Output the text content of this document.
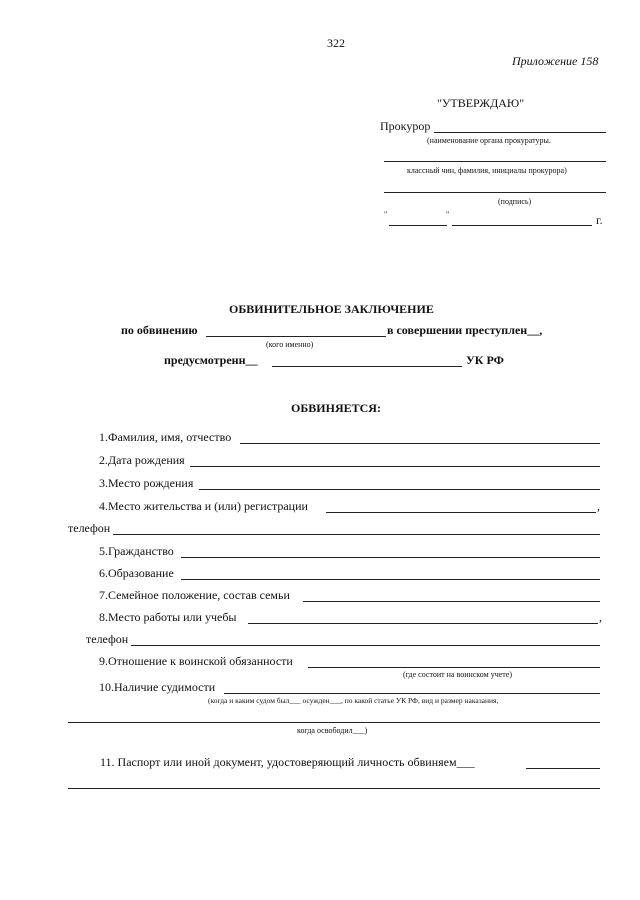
322
Приложение 158
"УТВЕРЖДАЮ"
Прокурор
(наименование органа прокуратуры.
классный чин, фамилия, инициалы прокурора)
(подпись)
"	"	г.
ОБВИНИТЕЛЬНОЕ ЗАКЛЮЧЕНИЕ
по обвинению	в совершении преступлен__,
(кого именно)
предусмотренн__	УК РФ
ОБВИНЯЕТСЯ:
1.Фамилия, имя, отчество
2.Дата рождения
3.Место рождения
4.Место жительства и (или) регистрации	,
телефон
5.Гражданство
6.Образование
7.Семейное положение, состав семьи
8.Место работы или учебы	,
телефон
9.Отношение к воинской обязанности
(где состоит на воинском учете)
10.Наличие судимости
(когда и каким судом был___ осужден___, по какой статье УК РФ, вид и размер наказания,
когда освободил___)
11. Паспорт или иной документ, удостоверяющий личность обвиняем___
